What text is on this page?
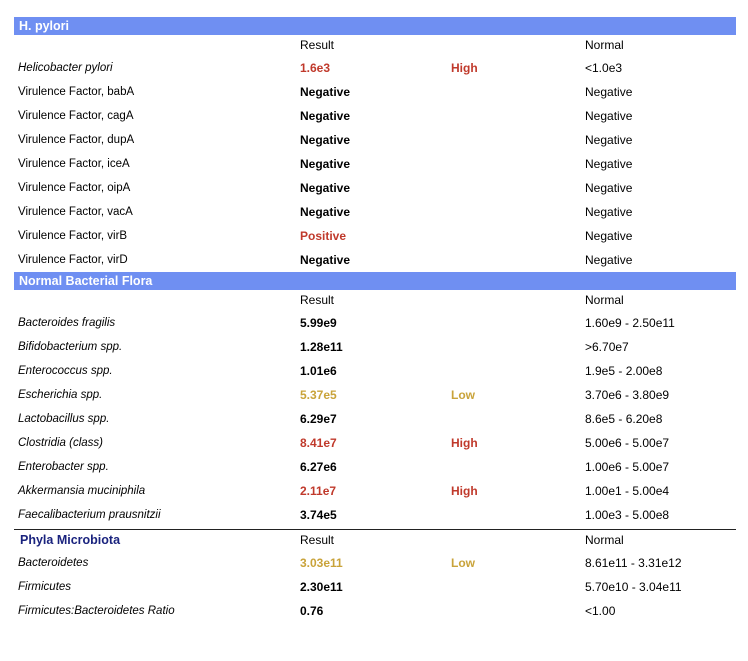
H. pylori
Result	Normal
Helicobacter pylori	1.6e3	High	<1.0e3
Virulence Factor, babA	Negative	Negative
Virulence Factor, cagA	Negative	Negative
Virulence Factor, dupA	Negative	Negative
Virulence Factor, iceA	Negative	Negative
Virulence Factor, oipA	Negative	Negative
Virulence Factor, vacA	Negative	Negative
Virulence Factor, virB	Positive	Negative
Virulence Factor, virD	Negative	Negative
Normal Bacterial Flora
Result	Normal
Bacteroides fragilis	5.99e9	1.60e9 - 2.50e11
Bifidobacterium spp.	1.28e11	>6.70e7
Enterococcus spp.	1.01e6	1.9e5 - 2.00e8
Escherichia spp.	5.37e5	Low	3.70e6 - 3.80e9
Lactobacillus spp.	6.29e7	8.6e5 - 6.20e8
Clostridia (class)	8.41e7	High	5.00e6 - 5.00e7
Enterobacter spp.	6.27e6	1.00e6 - 5.00e7
Akkermansia muciniphila	2.11e7	High	1.00e1 - 5.00e4
Faecalibacterium prausnitzii	3.74e5	1.00e3 - 5.00e8
Phyla Microbiota	Result	Normal
Bacteroidetes	3.03e11	Low	8.61e11 - 3.31e12
Firmicutes	2.30e11	5.70e10 - 3.04e11
Firmicutes:Bacteroidetes Ratio	0.76	<1.00
